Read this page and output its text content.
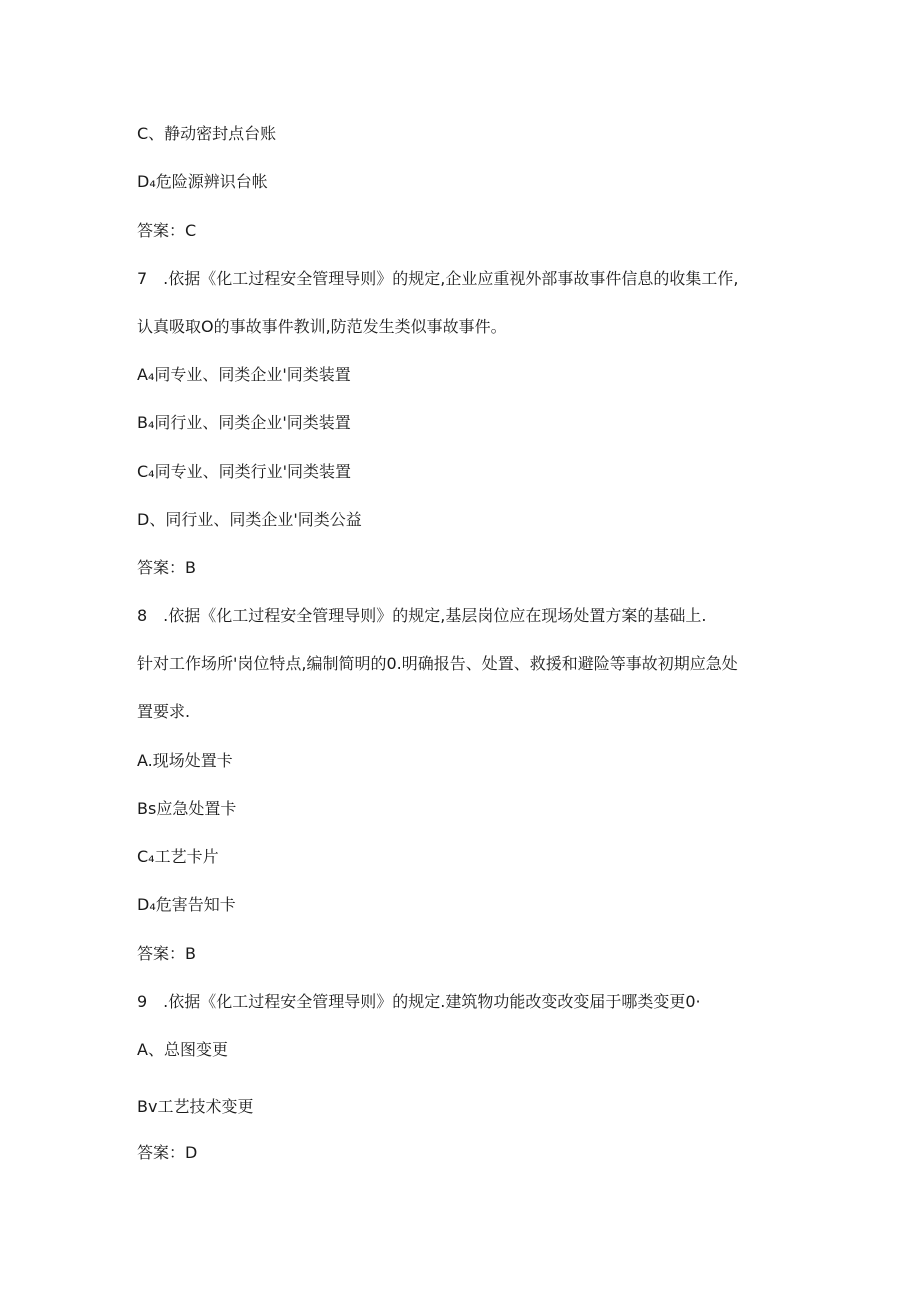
C、静动密封点台账

D₄危险源辨识台帐

答案：C

7　.依据《化工过程安全管理导则》的规定,企业应重视外部事故事件信息的收集工作,

认真吸取O的事故事件教训,防范发生类似事故事件。

A₄同专业、同类企业'同类装置

B₄同行业、同类企业'同类装置

C₄同专业、同类行业'同类装置

D、同行业、同类企业'同类公益

答案：B

8　.依据《化工过程安全管理导则》的规定,基层岗位应在现场处置方案的基础上.

针对工作场所'岗位特点,编制简明的0.明确报告、处置、救援和避险等事故初期应急处

置要求.

A.现场处置卡

Bs应急处置卡

C₄工艺卡片

D₄危害告知卡

答案：B

9　.依据《化工过程安全管理导则》的规定.建筑物功能改变改变届于哪类变更0·

A、总图变更

Bv工艺技术变更

答案：D
